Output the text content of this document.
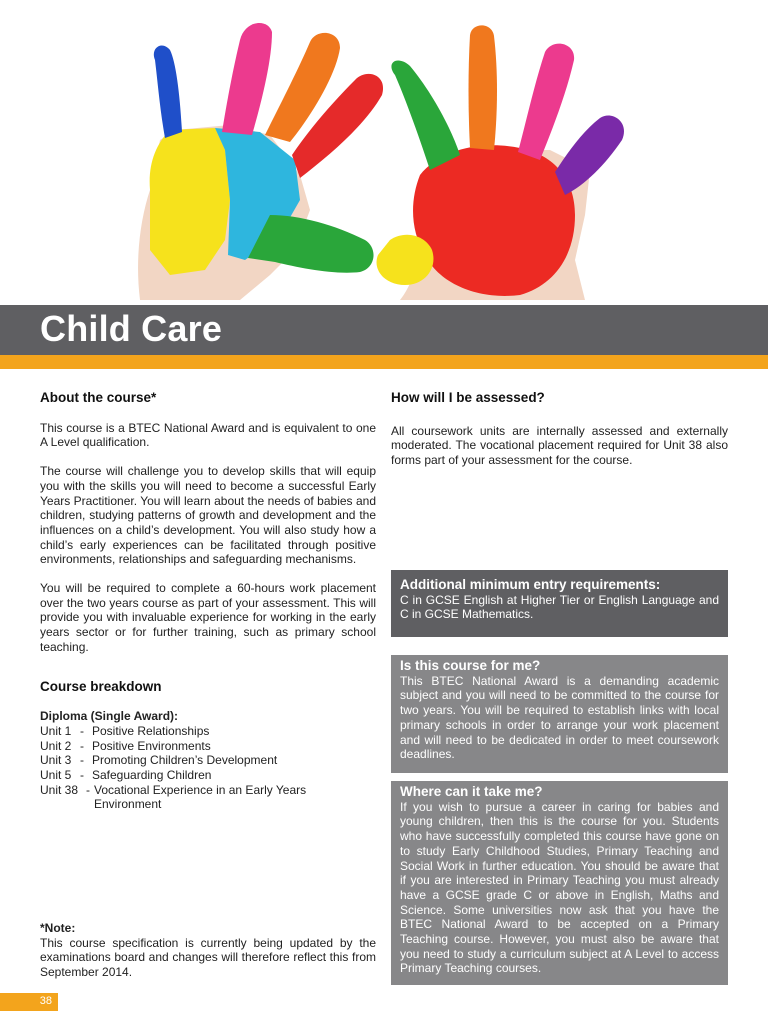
Child Care
About the course*

This course is a BTEC National Award and is equivalent to one A Level qualification.

The course will challenge you to develop skills that will equip you with the skills you will need to become a successful Early Years Practitioner. You will learn about the needs of babies and children, studying patterns of growth and development and the influences on a child’s development. You will also study how a child’s early experiences can be facilitated through positive environments, relationships and safeguarding mechanisms.

You will be required to complete a 60-hours work placement over the two years course as part of your assessment. This will provide you with invaluable experience for working in the early years sector or for further training, such as primary school teaching.

Course breakdown
Diploma (Single Award):
Unit 1 - Positive Relationships
Unit 2 - Positive Environments
Unit 3 - Promoting Children’s Development
Unit 5 - Safeguarding Children
Unit 38 - Vocational Experience in an Early Years Environment
*Note:

This course specification is currently being updated by the examinations board and changes will therefore reflect this from September 2014.

How will I be assessed?

All coursework units are internally assessed and externally moderated. The vocational placement required for Unit 38 also forms part of your assessment for the course.

Additional minimum entry requirements:

C in GCSE English at Higher Tier or English Language and C in GCSE Mathematics.

Is this course for me?

This BTEC National Award is a demanding academic subject and you will need to be committed to the course for two years. You will be required to establish links with local primary schools in order to arrange your work placement and will need to be dedicated in order to meet coursework deadlines.

Where can it take me?

If you wish to pursue a career in caring for babies and young children, then this is the course for you. Students who have successfully completed this course have gone on to study Early Childhood Studies, Primary Teaching and Social Work in further education. You should be aware that if you are interested in Primary Teaching you must already have a GCSE grade C or above in English, Maths and Science. Some universities now ask that you have the BTEC National Award to be accepted on a Primary Teaching course. However, you must also be aware that you need to study a curriculum subject at A Level to access Primary Teaching courses.

38
